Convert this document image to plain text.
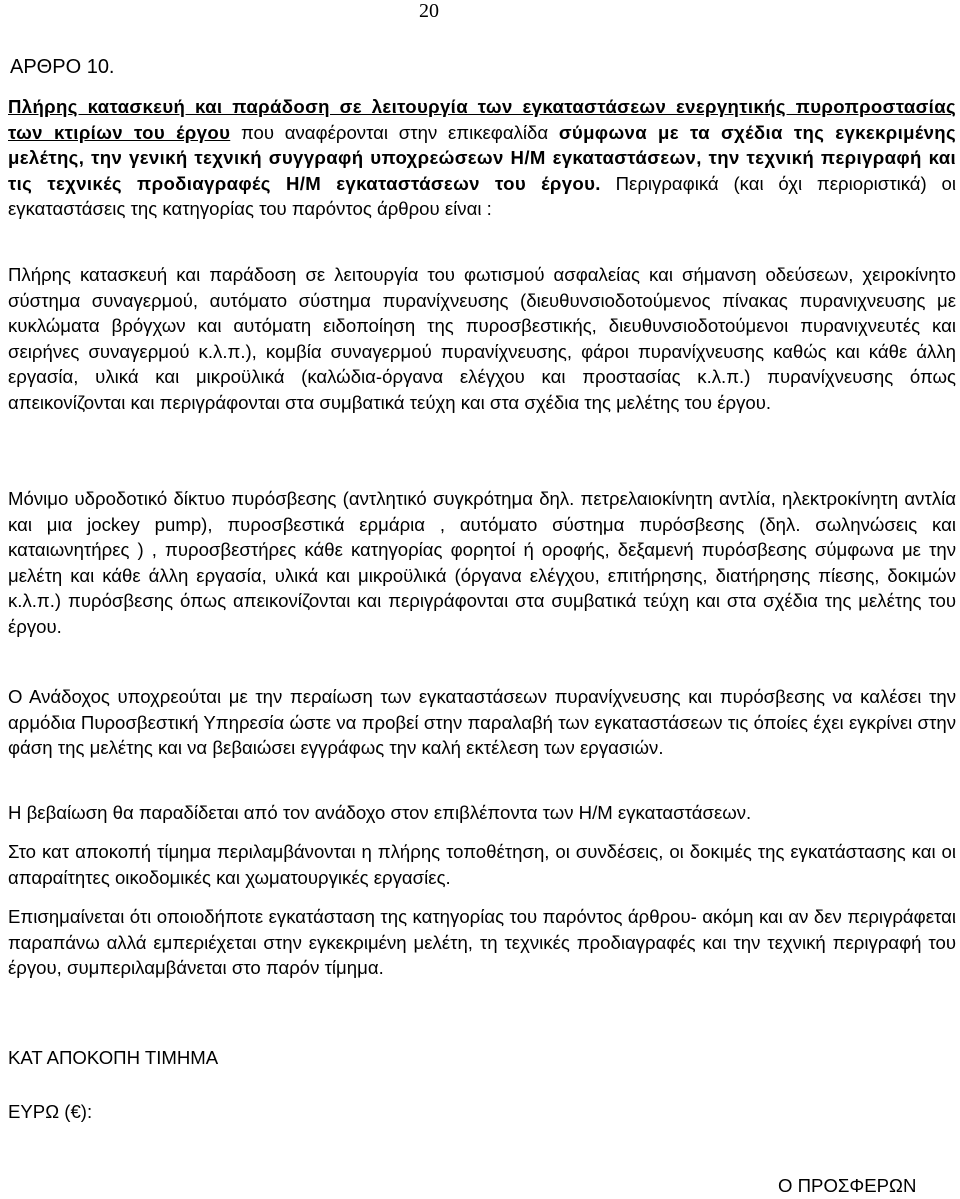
20
ΑΡΘΡΟ 10.

Πλήρης κατασκευή και παράδοση σε λειτουργία των εγκαταστάσεων ενεργητικής πυροπροστασίας των κτιρίων του έργου που αναφέρονται στην επικεφαλίδα σύμφωνα με τα σχέδια της εγκεκριμένης μελέτης, την γενική τεχνική συγγραφή υποχρεώσεων Η/Μ εγκαταστάσεων, την τεχνική περιγραφή και τις τεχνικές προδιαγραφές Η/Μ εγκαταστάσεων του έργου. Περιγραφικά (και όχι περιοριστικά) οι εγκαταστάσεις της κατηγορίας του παρόντος άρθρου είναι :

Πλήρης κατασκευή και παράδοση σε λειτουργία του φωτισμού ασφαλείας και σήμανση οδεύσεων, χειροκίνητο σύστημα συναγερμού, αυτόματο σύστημα πυρανίχνευσης (διευθυνσιοδοτούμενος πίνακας πυρανιχνευσης με κυκλώματα βρόγχων και αυτόματη ειδοποίηση της πυροσβεστικής, διευθυνσιοδοτούμενοι πυρανιχνευτές και σειρήνες συναγερμού κ.λ.π.), κομβία συναγερμού πυρανίχνευσης, φάροι πυρανίχνευσης καθώς και κάθε άλλη εργασία, υλικά και μικροϋλικά (καλώδια-όργανα ελέγχου και προστασίας κ.λ.π.) πυρανίχνευσης όπως απεικονίζονται και περιγράφονται στα συμβατικά τεύχη και στα σχέδια της μελέτης του έργου.

Μόνιμο υδροδοτικό δίκτυο πυρόσβεσης (αντλητικό συγκρότημα δηλ. πετρελαιοκίνητη αντλία, ηλεκτροκίνητη αντλία και μια jockey pump), πυροσβεστικά ερμάρια , αυτόματο σύστημα πυρόσβεσης (δηλ. σωληνώσεις και καταιωνητήρες ) , πυροσβεστήρες κάθε κατηγορίας φορητοί ή οροφής, δεξαμενή πυρόσβεσης σύμφωνα με την μελέτη και κάθε άλλη εργασία, υλικά και μικροϋλικά (όργανα ελέγχου, επιτήρησης, διατήρησης πίεσης, δοκιμών κ.λ.π.) πυρόσβεσης όπως απεικονίζονται και περιγράφονται στα συμβατικά τεύχη και στα σχέδια της μελέτης του έργου.

Ο Ανάδοχος υποχρεούται με την περαίωση των εγκαταστάσεων πυρανίχνευσης και πυρόσβεσης να καλέσει την αρμόδια Πυροσβεστική Υπηρεσία ώστε να προβεί στην παραλαβή των εγκαταστάσεων τις όποίες έχει εγκρίνει στην φάση της μελέτης και να βεβαιώσει εγγράφως την καλή εκτέλεση των εργασιών.

Η βεβαίωση θα παραδίδεται από τον ανάδοχο στον επιβλέποντα των Η/Μ εγκαταστάσεων.

Στο κατ αποκοπή τίμημα περιλαμβάνονται η πλήρης τοποθέτηση, οι συνδέσεις, οι δοκιμές της εγκατάστασης και οι απαραίτητες οικοδομικές και χωματουργικές εργασίες.

Επισημαίνεται ότι οποιοδήποτε εγκατάσταση της κατηγορίας του παρόντος άρθρου- ακόμη και αν δεν περιγράφεται παραπάνω αλλά εμπεριέχεται στην εγκεκριμένη μελέτη, τη τεχνικές προδιαγραφές και την τεχνική περιγραφή του έργου, συμπεριλαμβάνεται στο παρόν τίμημα.

ΚΑΤ ΑΠΟΚΟΠΗ ΤΙΜΗΜΑ
ΕΥΡΩ (€):
Ο ΠΡΟΣΦΕΡΩΝ
